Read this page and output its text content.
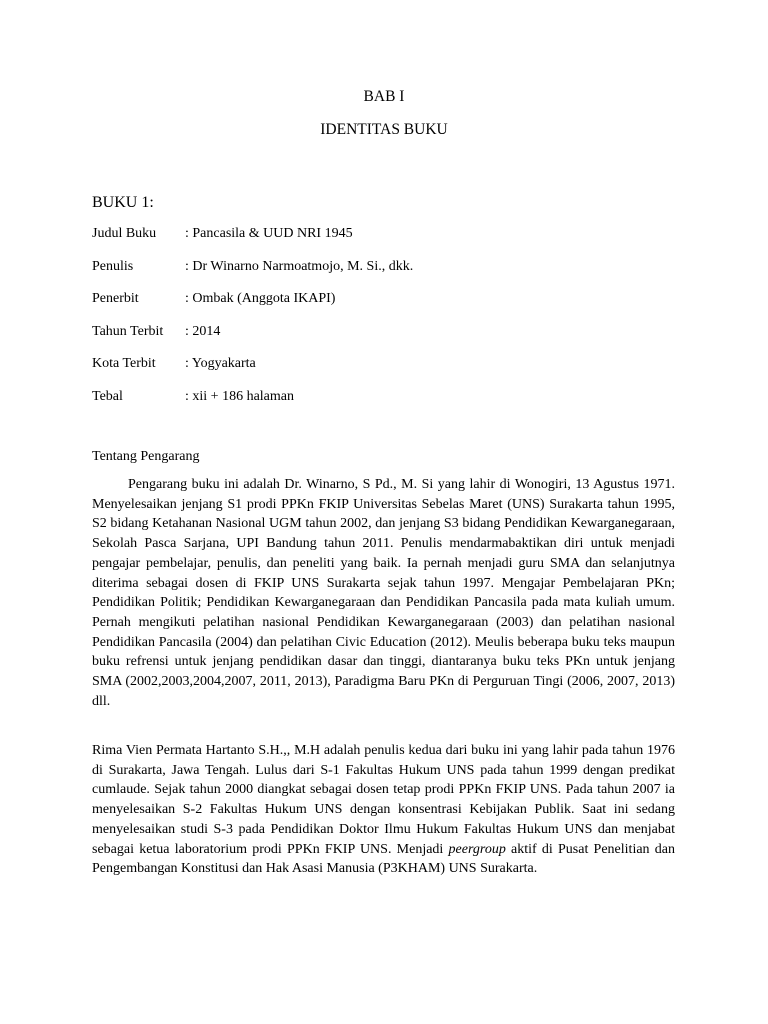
BAB I
IDENTITAS BUKU
BUKU 1:
Judul Buku	: Pancasila & UUD NRI 1945
Penulis	: Dr Winarno Narmoatmojo, M. Si., dkk.
Penerbit	: Ombak (Anggota IKAPI)
Tahun Terbit	: 2014
Kota Terbit	: Yogyakarta
Tebal	: xii + 186 halaman
Tentang Pengarang

Pengarang buku ini adalah Dr. Winarno, S Pd., M. Si yang lahir di Wonogiri, 13 Agustus 1971. Menyelesaikan jenjang S1 prodi PPKn FKIP Universitas Sebelas Maret (UNS) Surakarta tahun 1995, S2 bidang Ketahanan Nasional UGM tahun 2002, dan jenjang S3 bidang Pendidikan Kewarganegaraan, Sekolah Pasca Sarjana, UPI Bandung tahun 2011. Penulis mendarmabaktikan diri untuk menjadi pengajar pembelajar, penulis, dan peneliti yang baik. Ia pernah menjadi guru SMA dan selanjutnya diterima sebagai dosen di FKIP UNS Surakarta sejak tahun 1997. Mengajar Pembelajaran PKn; Pendidikan Politik; Pendidikan Kewarganegaraan dan Pendidikan Pancasila pada mata kuliah umum. Pernah mengikuti pelatihan nasional Pendidikan Kewarganegaraan (2003) dan pelatihan nasional Pendidikan Pancasila (2004) dan pelatihan Civic Education (2012). Meulis beberapa buku teks maupun buku refrensi untuk jenjang pendidikan dasar dan tinggi, diantaranya buku teks PKn untuk jenjang SMA (2002,2003,2004,2007, 2011, 2013), Paradigma Baru PKn di Perguruan Tingi (2006, 2007, 2013) dll.

Rima Vien Permata Hartanto S.H.,, M.H adalah penulis kedua dari buku ini yang lahir pada tahun 1976 di Surakarta, Jawa Tengah. Lulus dari S-1 Fakultas Hukum UNS pada tahun 1999 dengan predikat cumlaude. Sejak tahun 2000 diangkat sebagai dosen tetap prodi PPKn FKIP UNS. Pada tahun 2007 ia menyelesaikan S-2 Fakultas Hukum UNS dengan konsentrasi Kebijakan Publik. Saat ini sedang menyelesaikan studi S-3 pada Pendidikan Doktor Ilmu Hukum Fakultas Hukum UNS dan menjabat sebagai ketua laboratorium prodi PPKn FKIP UNS. Menjadi peergroup aktif di Pusat Penelitian dan Pengembangan Konstitusi dan Hak Asasi Manusia (P3KHAM) UNS Surakarta.
